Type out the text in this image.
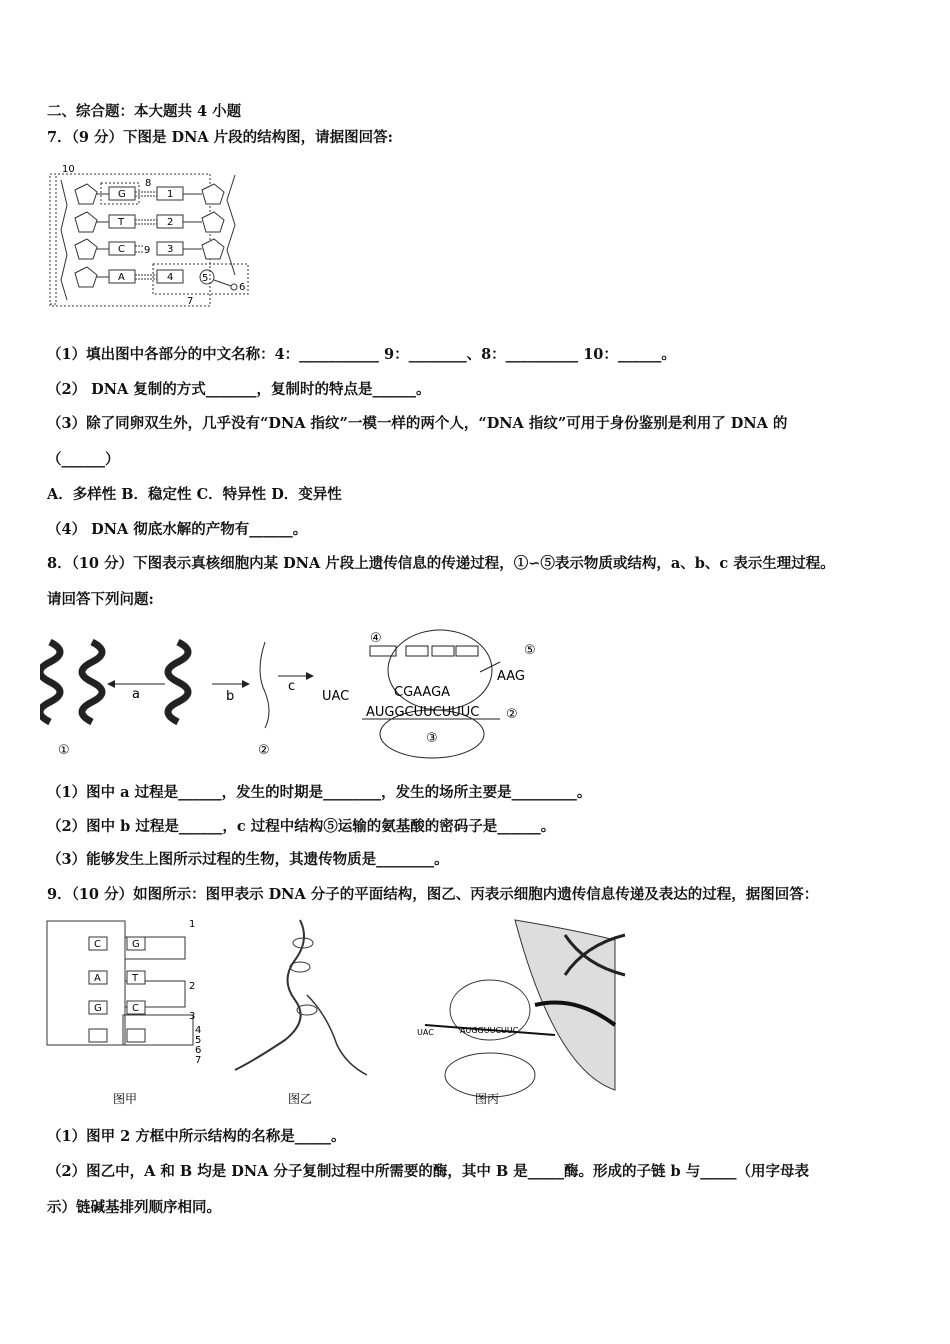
二、综合题：本大题共 4 小题
7．（9 分）下图是 DNA 片段的结构图，请据图回答:
10
G
T
C
A
1
2
3
4
8
9
5
6
7
（1）填出图中各部分的中文名称：4：___________ 9：________、8：__________ 10：______。
（2） DNA 复制的方式_______，复制时的特点是______。
（3）除了同卵双生外，几乎没有“DNA 指纹”一模一样的两个人，“DNA 指纹”可用于身份鉴别是利用了 DNA 的
（______）
A．多样性 B．稳定性 C．特异性 D．变异性
（4） DNA 彻底水解的产物有______。
8．（10 分）下图表示真核细胞内某 DNA 片段上遗传信息的传递过程，①∽⑤表示物质或结构，a、b、c 表示生理过程。
请回答下列问题:
a	b
c
UAC
①	②
④
CGAAGA
AUGGCUUCUUUC ②
③
AAG
⑤
（1）图中 a 过程是______，发生的时期是________，发生的场所主要是_________。
（2）图中 b 过程是______，c 过程中结构⑤运输的氨基酸的密码子是______。
（3）能够发生上图所示过程的生物，其遗传物质是________。
9．（10 分）如图所示：图甲表示 DNA 分子的平面结构，图乙、丙表示细胞内遗传信息传递及表达的过程，据图回答：
C
A
G
G
T
C
1
2
3
4
5
6
7
UAC	AUGGUUCUUC
图甲	图乙	图丙
（1）图甲 2 方框中所示结构的名称是_____。
（2）图乙中，A 和 B 均是 DNA 分子复制过程中所需要的酶，其中 B 是_____酶。形成的子链 b 与_____（用字母表
示）链碱基排列顺序相同。
